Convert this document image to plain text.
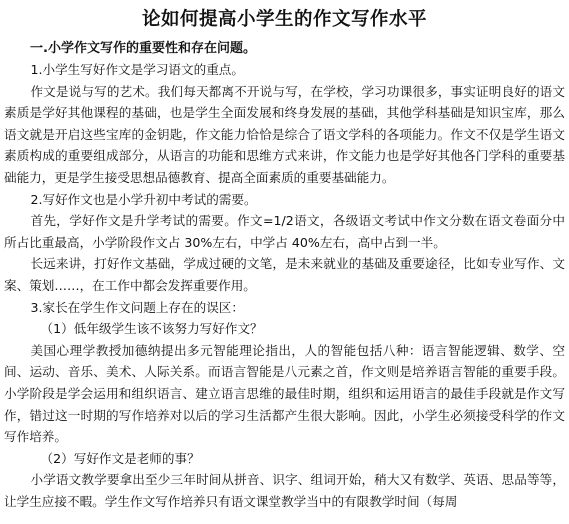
论如何提高小学生的作文写作水平

一.小学作文写作的重要性和存在问题。

1.小学生写好作文是学习语文的重点。

作文是说与写的艺术。我们每天都离不开说与写，在学校，学习功课很多，事实证明良好的语文素质是学好其他课程的基础，也是学生全面发展和终身发展的基础，其他学科基础是知识宝库，那么语文就是开启这些宝库的金钥匙，作文能力恰恰是综合了语文学科的各项能力。作文不仅是学生语文素质构成的重要组成部分，从语言的功能和思维方式来讲，作文能力也是学好其他各门学科的重要基础能力，更是学生接受思想品德教育、提高全面素质的重要基础能力。

2.写好作文也是小学升初中考试的需要。

首先，学好作文是升学考试的需要。作文=1/2语文，各级语文考试中作文分数在语文卷面分中所占比重最高，小学阶段作文占 30%左右，中学占 40%左右，高中占到一半。

长远来讲，打好作文基础，学成过硬的文笔，是未来就业的基础及重要途径，比如专业写作、文案、策划……，在工作中都会发挥重要作用。

3.家长在学生作文问题上存在的误区：

（1）低年级学生该不该努力写好作文？

美国心理学教授加德纳提出多元智能理论指出，人的智能包括八种：语言智能逻辑、数学、空间、运动、音乐、美术、人际关系。而语言智能是八元素之首，作文则是培养语言智能的重要手段。小学阶段是学会运用和组织语言、建立语言思维的最佳时期，组织和运用语言的最佳手段就是作文写作，错过这一时期的写作培养对以后的学习生活都产生很大影响。因此，小学生必须接受科学的作文写作培养。

（2）写好作文是老师的事？

小学语文教学要拿出至少三年时间从拼音、识字、组词开始，稍大又有数学、英语、思品等等，让学生应接不暇。学生作文写作培养只有语文课堂教学当中的有限教学时间（每周
